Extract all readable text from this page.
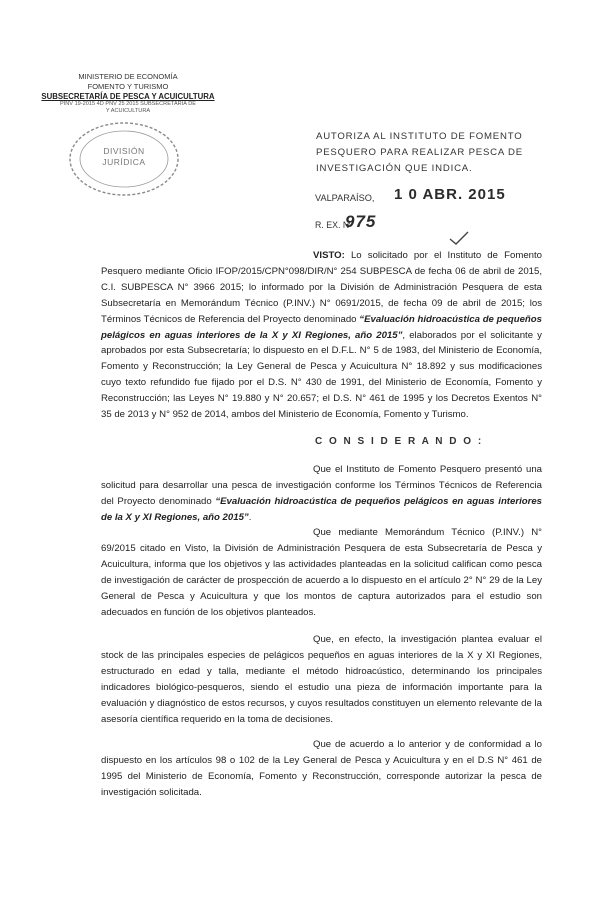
MINISTERIO DE ECONOMÍA
FOMENTO Y TURISMO
SUBSECRETARÍA DE PESCA Y ACUICULTURA
PINV 19-2015 4D PNV 25 2015 SUBSECRETARIA DE
Y ACUICULTURA
DIVISIÓN
JURÍDICA
AUTORIZA AL INSTITUTO DE FOMENTO PESQUERO PARA REALIZAR PESCA DE INVESTIGACIÓN QUE INDICA.
VALPARAÍSO, 1 0 ABR. 2015
R. EX. Nº
975
VISTO: Lo solicitado por el Instituto de Fomento Pesquero mediante Oficio IFOP/2015/CPN°098/DIR/N° 254 SUBPESCA de fecha 06 de abril de 2015, C.I. SUBPESCA N° 3966 2015; lo informado por la División de Administración Pesquera de esta Subsecretaría en Memorándum Técnico (P.INV.) N° 0691/2015, de fecha 09 de abril de 2015; los Términos Técnicos de Referencia del Proyecto denominado “Evaluación hidroacústica de pequeños pelágicos en aguas interiores de la X y XI Regiones, año 2015”, elaborados por el solicitante y aprobados por esta Subsecretaría; lo dispuesto en el D.F.L. N° 5 de 1983, del Ministerio de Economía, Fomento y Reconstrucción; la Ley General de Pesca y Acuicultura N° 18.892 y sus modificaciones cuyo texto refundido fue fijado por el D.S. N° 430 de 1991, del Ministerio de Economía, Fomento y Reconstrucción; las Leyes N° 19.880 y N° 20.657; el D.S. N° 461 de 1995 y los Decretos Exentos N° 35 de 2013 y N° 952 de 2014, ambos del Ministerio de Economía, Fomento y Turismo.
C O N S I D E R A N D O :
Que el Instituto de Fomento Pesquero presentó una solicitud para desarrollar una pesca de investigación conforme los Términos Técnicos de Referencia del Proyecto denominado “Evaluación hidroacústica de pequeños pelágicos en aguas interiores de la X y XI Regiones, año 2015”.
Que mediante Memorándum Técnico (P.INV.) N° 69/2015 citado en Visto, la División de Administración Pesquera de esta Subsecretaría de Pesca y Acuicultura, informa que los objetivos y las actividades planteadas en la solicitud califican como pesca de investigación de carácter de prospección de acuerdo a lo dispuesto en el artículo 2° N° 29 de la Ley General de Pesca y Acuicultura y que los montos de captura autorizados para el estudio son adecuados en función de los objetivos planteados.
Que, en efecto, la investigación plantea evaluar el stock de las principales especies de pelágicos pequeños en aguas interiores de la X y XI Regiones, estructurado en edad y talla, mediante el método hidroacústico, determinando los principales indicadores biológico-pesqueros, siendo el estudio una pieza de información importante para la evaluación y diagnóstico de estos recursos, y cuyos resultados constituyen un elemento relevante de la asesoría científica requerido en la toma de decisiones.
Que de acuerdo a lo anterior y de conformidad a lo dispuesto en los artículos 98 o 102 de la Ley General de Pesca y Acuicultura y en el D.S N° 461 de 1995 del Ministerio de Economía, Fomento y Reconstrucción, corresponde autorizar la pesca de investigación solicitada.
